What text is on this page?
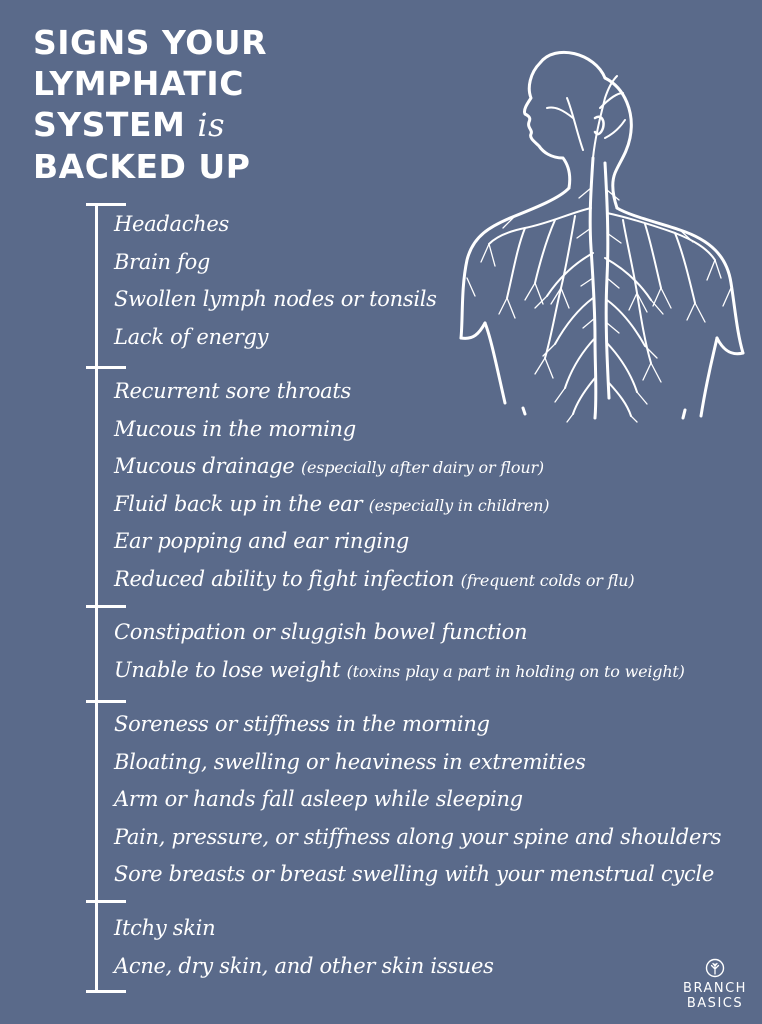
SIGNS YOUR
LYMPHATIC
SYSTEM is
BACKED UP
Headaches
Brain fog
Swollen lymph nodes or tonsils
Lack of energy
Recurrent sore throats
Mucous in the morning
Mucous drainage (especially after dairy or flour)
Fluid back up in the ear (especially in children)
Ear popping and ear ringing
Reduced ability to fight infection (frequent colds or flu)
Constipation or sluggish bowel function
Unable to lose weight (toxins play a part in holding on to weight)
Soreness or stiffness in the morning
Bloating, swelling or heaviness in extremities
Arm or hands fall asleep while sleeping
Pain, pressure, or stiffness along your spine and shoulders
Sore breasts or breast swelling with your menstrual cycle
Itchy skin
Acne, dry skin, and other skin issues
BRANCH
BASICS
